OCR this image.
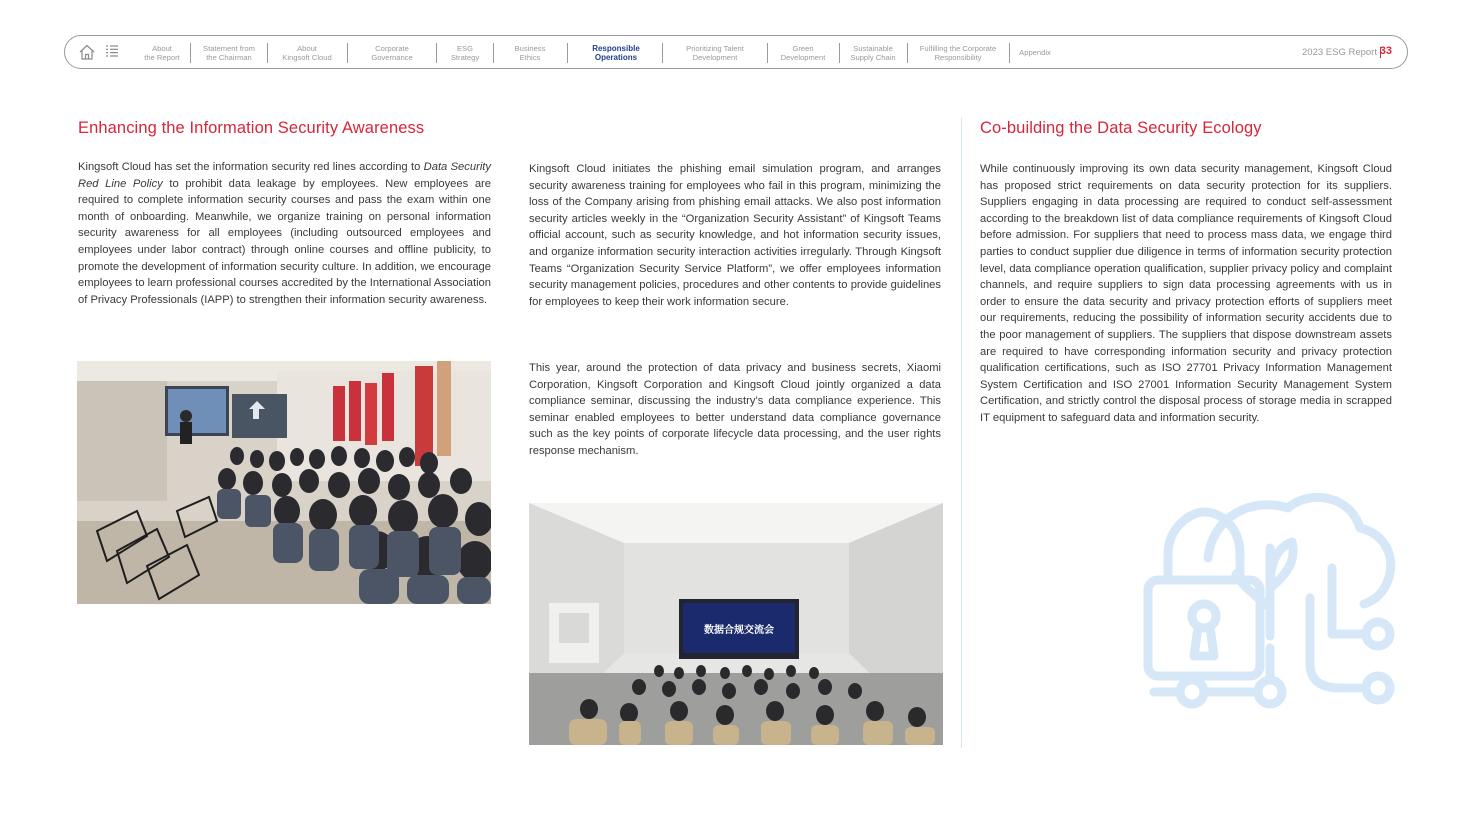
About
the Report
Statement from
the Chairman
About
Kingsoft Cloud
Corporate
Governance
ESG
Strategy
Business
Ethics
Responsible
Operations
Prioritizing Talent
Development
Green
Development
Sustainable
Supply Chain
Fulfilling the Corporate
Responsibility
Appendix	2023 ESG Report 33
Enhancing the Information Security Awareness

Kingsoft Cloud has set the information security red lines according to Data Security Red Line Policy to prohibit data leakage by employees. New employees are required to complete information security courses and pass the exam within one month of onboarding. Meanwhile, we organize training on personal information security awareness for all employees (including outsourced employees and employees under labor contract) through online courses and offline publicity, to promote the development of information security culture. In addition, we encourage employees to learn professional courses accredited by the International Association of Privacy Professionals (IAPP) to strengthen their information security awareness.

Kingsoft Cloud initiates the phishing email simulation program, and arranges security awareness training for employees who fail in this program, minimizing the loss of the Company arising from phishing email attacks. We also post information security articles weekly in the “Organization Security Assistant” of Kingsoft Teams official account, such as security knowledge, and hot information security issues, and organize information security interaction activities irregularly. Through Kingsoft Teams “Organization Security Service Platform”, we offer employees information security management policies, procedures and other contents to provide guidelines for employees to keep their work information secure.

This year, around the protection of data privacy and business secrets, Xiaomi Corporation, Kingsoft Corporation and Kingsoft Cloud jointly organized a data compliance seminar, discussing the industry’s data compliance experience. This seminar enabled employees to better understand data compliance governance such as the key points of corporate lifecycle data processing, and the user rights response mechanism.

数据合规交流会
Co-building the Data Security Ecology

While continuously improving its own data security management, Kingsoft Cloud has proposed strict requirements on data security protection for its suppliers. Suppliers engaging in data processing are required to conduct self-assessment according to the breakdown list of data compliance requirements of Kingsoft Cloud before admission. For suppliers that need to process mass data, we engage third parties to conduct supplier due diligence in terms of information security protection level, data compliance operation qualification, supplier privacy policy and complaint channels, and require suppliers to sign data processing agreements with us in order to ensure the data security and privacy protection efforts of suppliers meet our requirements, reducing the possibility of information security accidents due to the poor management of suppliers. The suppliers that dispose downstream assets are required to have corresponding information security and privacy protection qualification certifications, such as ISO 27701 Privacy Information Management System Certification and ISO 27001 Information Security Management System Certification, and strictly control the disposal process of storage media in scrapped IT equipment to safeguard data and information security.
